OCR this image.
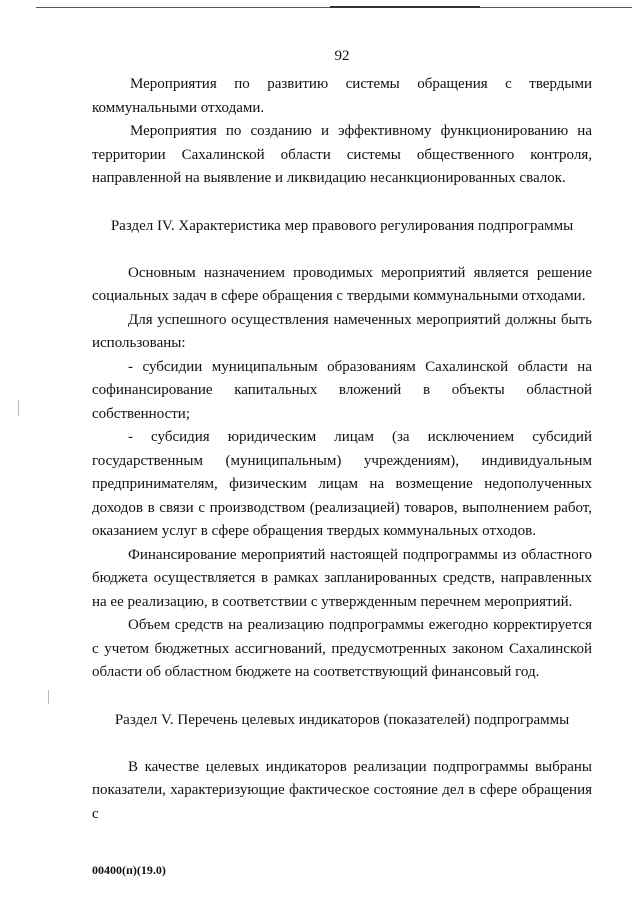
92

Мероприятия по развитию системы обращения с твердыми коммунальными отходами.

Мероприятия по созданию и эффективному функционированию на территории Сахалинской области системы общественного контроля, направленной на выявление и ликвидацию несанкционированных свалок.

Раздел IV. Характеристика мер правового регулирования подпрограммы

Основным назначением проводимых мероприятий является решение социальных задач в сфере обращения с твердыми коммунальными отходами.

Для успешного осуществления намеченных мероприятий должны быть использованы:

- субсидии муниципальным образованиям Сахалинской области на софинансирование капитальных вложений в объекты областной собственности;

- субсидия юридическим лицам (за исключением субсидий государственным (муниципальным) учреждениям), индивидуальным предпринимателям, физическим лицам на возмещение недополученных доходов в связи с производством (реализацией) товаров, выполнением работ, оказанием услуг в сфере обращения твердых коммунальных отходов.

Финансирование мероприятий настоящей подпрограммы из областного бюджета осуществляется в рамках запланированных средств, направленных на ее реализацию, в соответствии с утвержденным перечнем мероприятий.

Объем средств на реализацию подпрограммы ежегодно корректируется с учетом бюджетных ассигнований, предусмотренных законом Сахалинской области об областном бюджете на соответствующий финансовый год.

Раздел V. Перечень целевых индикаторов (показателей) подпрограммы

В качестве целевых индикаторов реализации подпрограммы выбраны показатели, характеризующие фактическое состояние дел в сфере обращения с

00400(п)(19.0)
